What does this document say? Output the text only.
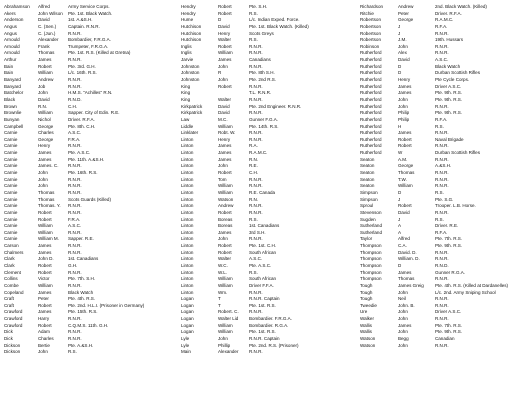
Abrahamson	Alfred	Army Service Corps.
Akers	John Wilson	Pte. 1st. Black Watch.
Anderson	David	1st. A.&S.H.
Angus	C. (Sen.)	Captain. R.N.R.
Angus	C. (Jun.)	R.N.R.
Arnould	Alexander	Bombardier, F.R.G.A.
Arnould	Frank	Trumpeter, F.R.G.A.
Arnould	Thomas	Pte. 1st. R.S. (Killed at Gretna)
Arthur	James	R.N.R.
Bain	Robert	Pte. 3rd. G.H.
Bain	William	L/c. 16th. R.S.
Banyard	Andrew	R.N.R.
Banyard	Job	R.N.R.
Batchelor	John	H.M.S. "Achilles" R.N.
Black	David	R.N.D.
Brown	R.N.	C.H.
Brownlie	William	Sapper. City of Edin. R.E.
Bunyan	Nichol	Driver. R.F.A.
Campbell	George	Pte. 8th. C.H.
Carnie	Charles	A.S.C.
Carnie	George	F.R.A.
Carnie	Henry	R.N.R.
Carnie	James	Pte. A.S.C.
Carnie	James	Pte. 11th. A.&S.H.
Carnie	James. C.	R.N.R.
Carnie	John	Pte. 16th. R.S.
Carnie	John	R.N.R.
Carnie	John	R.N.R.
Carnie	Thomas	R.N.R.
Carnie	Thomas	Scots Guards (Killed)
Carnie	Thomas. Y.	R.N.R.
Carnie	Robert	R.N.R.
Carnie	Robert	F.R.A.
Carnie	William	A.S.C.
Carnie	William	R.N.R.
Carnie	William M.	Sapper. R.E.
Carson	James	R.N.R.
Chalmers	James	R.N.R.
Clark	John D.	1st. Canadians
Clark	Robert	G.H.
Clement	Robert	R.N.R.
Collins	Victor	Pte. 7th. S.H.
Combe	William	R.N.R.
Copeland	James	Black Watch
Craft	Peter	Pte. 4th. R.S.
Craft	Robert	Pte. 2nd. H.L.I. (Prisoner in Germany)
Crawford	James	Pte. 15th. R.S.
Crawford	Harry	R.N.R.
Crawford	Robert	C.Q.M.S. 11th. G.H.
Dick	Adam	R.N.R.
Dick	Charles	R.N.R.
Dickson	Bertie	Pte. A.&S.H.
Dickson	John	R.S.
Hendry	Robert	Pte. S.H.
Hendry	Robert	R.S.
Hume	D	L/c. Indian Exped. Force.
Hutchison	David	Pte. 1st. Black Watch. (Killed)
Hutchison	Henry	Scots Greys
Hutchison	Walter	R.S.
Inglis	Robert	R.N.R.
Inglis	William	R.N.R.
Jarvie	James	Canadians
Johnston	John	R.N.R.
Johnston	R	Pte. 8th S.H.
Johnston	John	Pte. 2nd R.S.
King	Robert	R.N.R.
King	T.L. R.N.R.
King	Walter	R.N.R.
Kirkpatrick	David	Pte. 2nd Engineer. R.N.R.
Kirkpatrick	David	R.N.R.
Law	M.C.	Gunner F.G.A.
Liddle	William	Pte. 14th. R.S.
Linklater	Robt. W.	R.N.R.
Linton	Henry	R.N.R.
Linton	James	R.A.
Linton	James	R.A.M.C.
Linton	James	R.N.
Linton	John	R.E.
Linton	Robert	C.H.
Linton	Tom	R.N.R.
Linton	William	R.N.R.
Linton	William	R.E. Canada
Linton	Watson	R.N.
Linton	Andrew	R.N.R.
Linton	Robert	R.N.R.
Linton	Boreas	R.S.
Linton	Boreas	1st. Canadians
Linton	James	3rd S.H.
Linton	John	R.N.R.
Linton	Robert	Pte. 1st. C.H.
Linton	Robert	South African
Linton	Walter	A.S.C.
Linton	W.C.	Pte. A.S.C.
Linton	W.L.	R.S.
Linton	William	South African
Linton	William	Driver F.F.A.
Linton	Wm.	R.N.R.
Logan	T	R.N.R. Captain
Logan	T	Pte. 1st. R.S.
Logan	Robert. C.	R.N.R.
Logan	Walter Lid	Bombardier. F.R.G.A.
Logan	William	Bombardier. R.G.A.
Logan	William	Pte. 1st. R.S.
Lyle	John	R.N.R. Captain
Lyle	Phillip	Pte. 2nd. R.S. (Prisoner)
Main	Alexander	R.N.R.
Richardson	Andrew	2nd. Black Watch. (Killed)
Ritchie	Peter	Driver. R.F.A.
Robertson	George	R.A.M.C.
Robertson	J	R.F.A.
Robertson	J	R.N.R.
Robertson	J.M.	19th. Hussars
Robinson	John	R.N.R.
Rutherford	Alex	R.N.R.
Rutherford	David	A.S.C.
Rutherford	D	Black Watch
Rutherford	D	Durban Scottish Rifles
Rutherford	Henry	Pte Cycle Corps.
Rutherford	James	Driver A.S.C.
Rutherford	James	Pte. 9th. R.S.
Rutherford	John	Pte. 9th. R.S.
Rutherford	John	R.N.R.
Rutherford	Philip	Pte. 9th. R.S.
Rutherford	Philip	R.F.A.
Rutherford	H	R.S.
Rutherford	James	R.N.R.
Rutherford	Robert	Naval Brigade
Rutherford	Robert	R.N.R.
Rutherford	W	Durban Scottish Rifles
Seaton	A.M.	R.N.R.
Seaton	George	A.&S.H.
Seaton	Thomas	R.N.R.
Seaton	T.W.	R.N.R.
Seaton	William	R.N.R.
Simpson	D	R.S.
Simpson	J	Pte. S.G.
Sproul	Robert	Trooper. L.B. Horse.
Stevenson	David	R.N.R.
Sugden	J	R.S.
Sutherland	A	Driver. R.E.
Sutherland	A	R.F.A.
Taylor	Alfred	Pte. 7th. R.S.
Thompson	C.A.	Pte. 9th. R.S.
Thompson	David. D.	R.N.R.
Thompson	William. D.	R.N.R.
Thompson	D	R.N.D.
Thompson	James	Gunner R.G.A.
Thompson	Thomas	R.N.R.
Tough	James Greig	Pte. 4th. R.S. (Killed at Dardanelles)
Tough	John	L/c. 2nd. Army Sniping School
Tough	Neil	R.N.R.
Tweedie	John. B.	R.N.R.
Ure	John	Driver A.S.C.
Walker	John	R.N.R.
Wallis	James	Pte. 7th. R.S.
Wallis	John	Pte. 9th. R.S.
Watson	Begg	Canadian
Watson	John	R.N.R.
